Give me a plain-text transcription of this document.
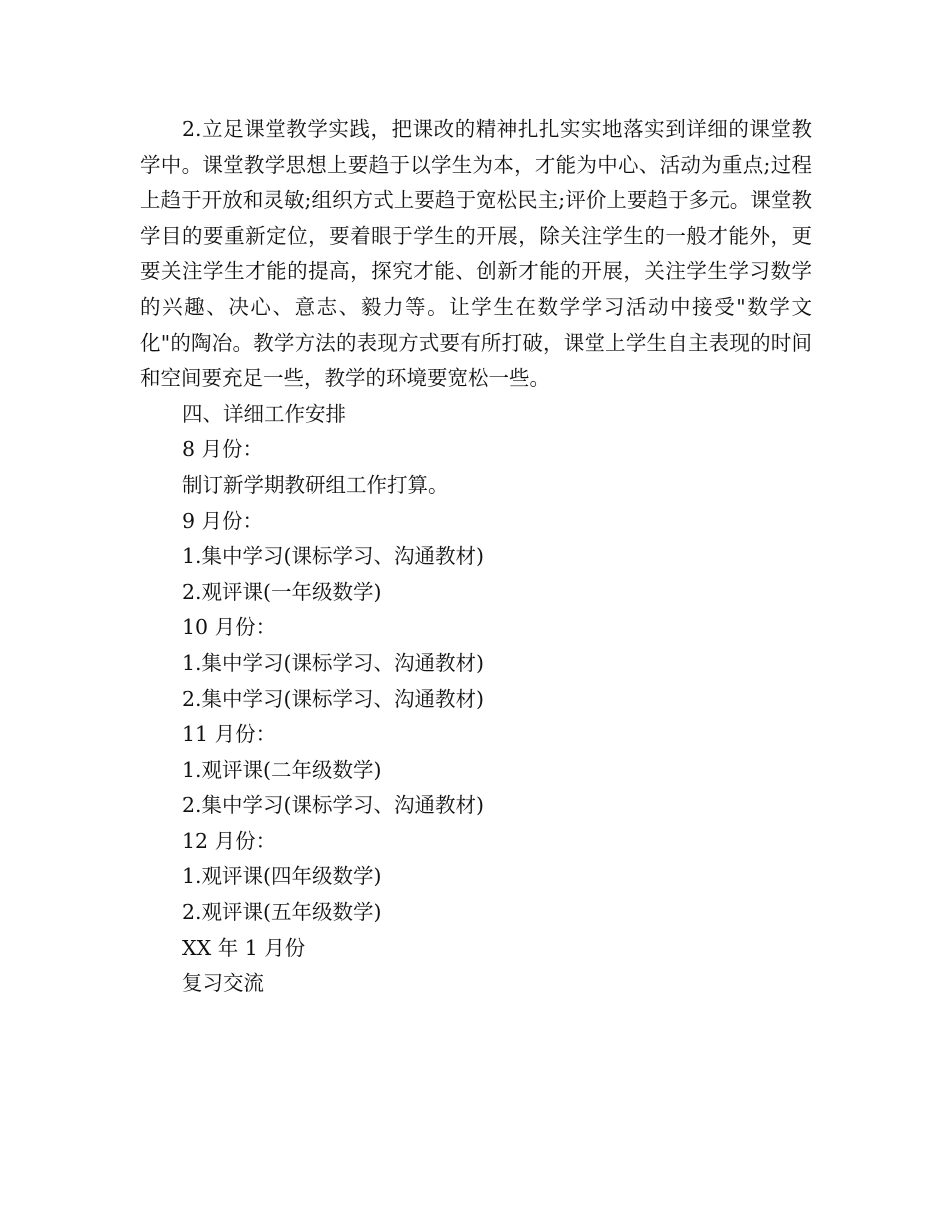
2.立足课堂教学实践，把课改的精神扎扎实实地落实到详细的课堂教学中。课堂教学思想上要趋于以学生为本，才能为中心、活动为重点;过程上趋于开放和灵敏;组织方式上要趋于宽松民主;评价上要趋于多元。课堂教学目的要重新定位，要着眼于学生的开展，除关注学生的一般才能外，更要关注学生才能的提高，探究才能、创新才能的开展，关注学生学习数学的兴趣、决心、意志、毅力等。让学生在数学学习活动中接受"数学文化"的陶冶。教学方法的表现方式要有所打破，课堂上学生自主表现的时间和空间要充足一些，教学的环境要宽松一些。

四、详细工作安排

8 月份：

制订新学期教研组工作打算。

9 月份：

1.集中学习(课标学习、沟通教材)

2.观评课(一年级数学)

10 月份：

1.集中学习(课标学习、沟通教材)

2.集中学习(课标学习、沟通教材)

11 月份：

1.观评课(二年级数学)

2.集中学习(课标学习、沟通教材)

12 月份：

1.观评课(四年级数学)

2.观评课(五年级数学)

XX 年 1 月份

复习交流
